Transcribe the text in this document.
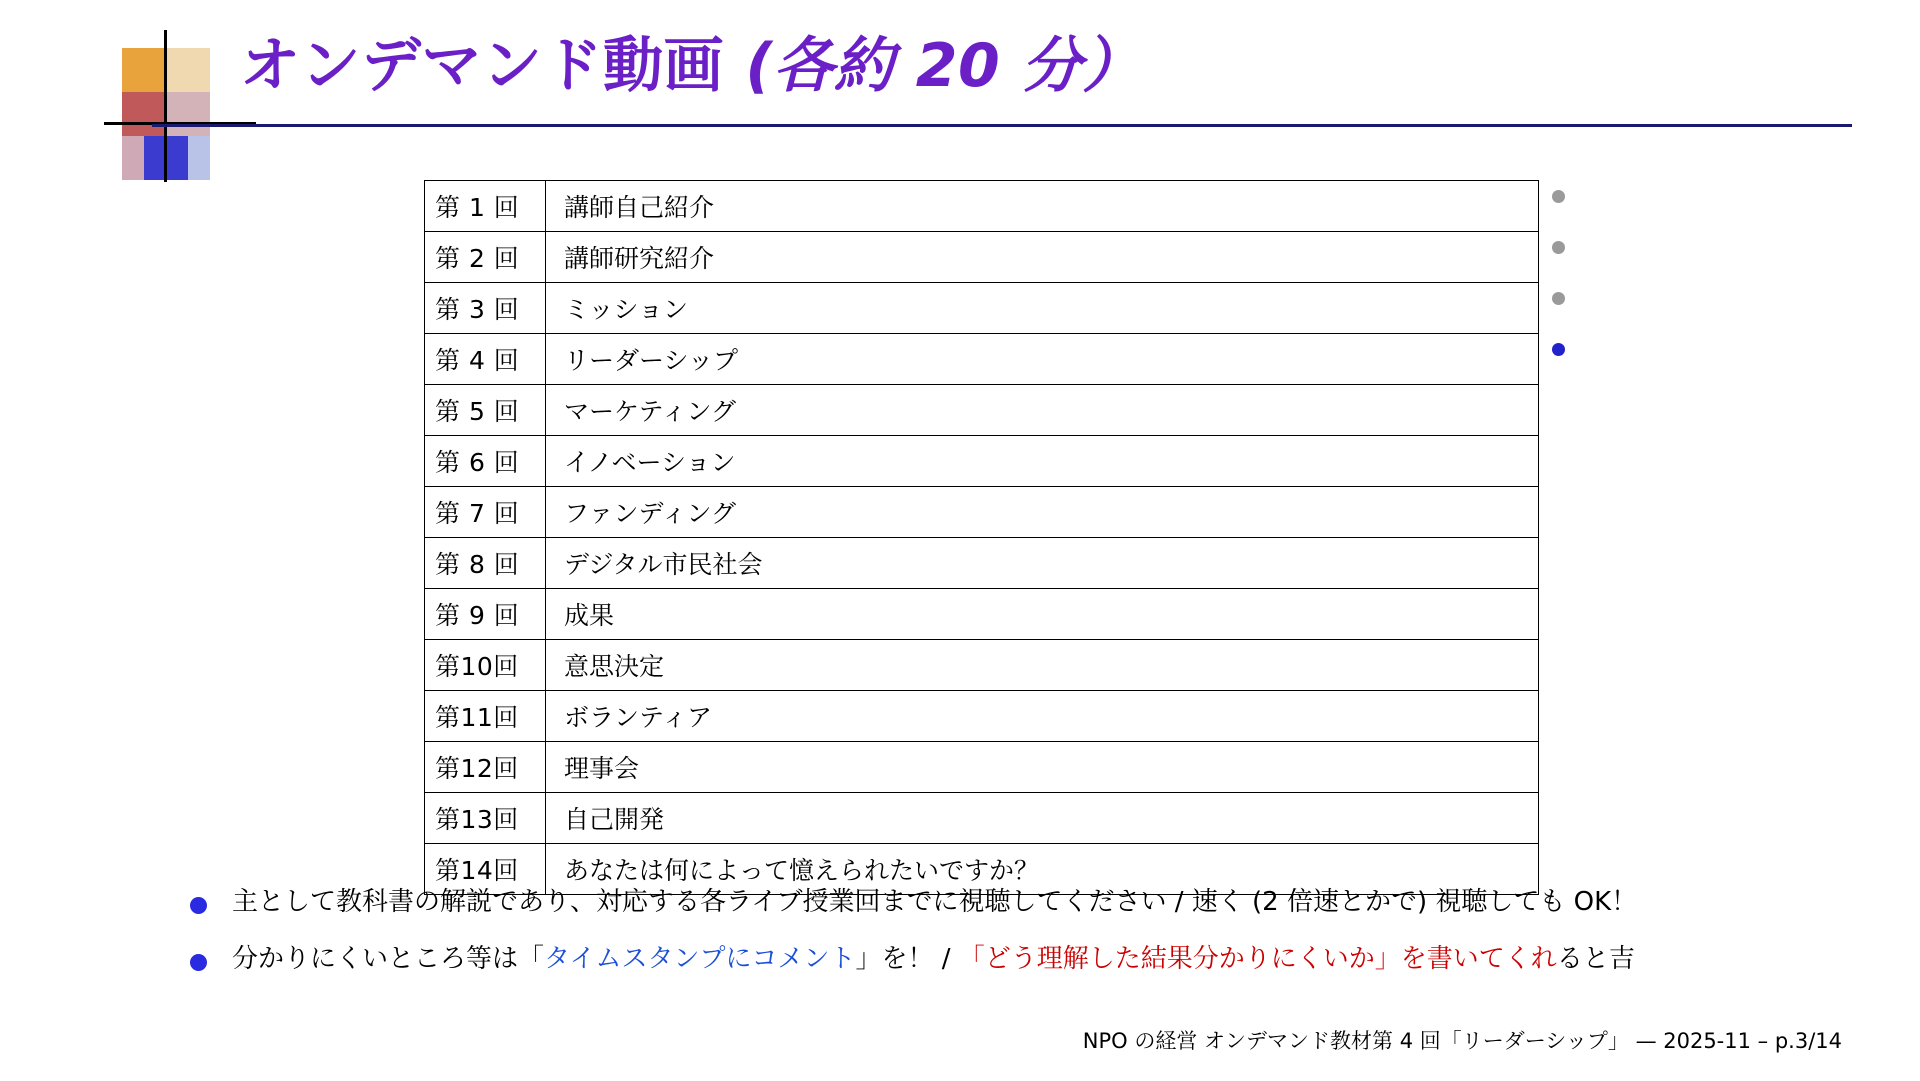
オンデマンド動画 (各約 20 分）
第 1 回	講師自己紹介
第 2 回	講師研究紹介
第 3 回	ミッション
第 4 回	リーダーシップ
第 5 回	マーケティング
第 6 回	イノベーション
第 7 回	ファンディング
第 8 回	デジタル市民社会
第 9 回	成果
第10回	意思決定
第11回	ボランティア
第12回	理事会
第13回	自己開発
第14回	あなたは何によって憶えられたいですか？
主として教科書の解説であり、対応する各ライブ授業回までに視聴してください / 速く (2 倍速とかで) 視聴しても OK！
分かりにくいところ等は「タイムスタンプにコメント」を！ / 「どう理解した結果分かりにくいか」を書いてくれると吉
NPO の経営 オンデマンド教材第 4 回「リーダーシップ」 — 2025-11 – p.3/14
